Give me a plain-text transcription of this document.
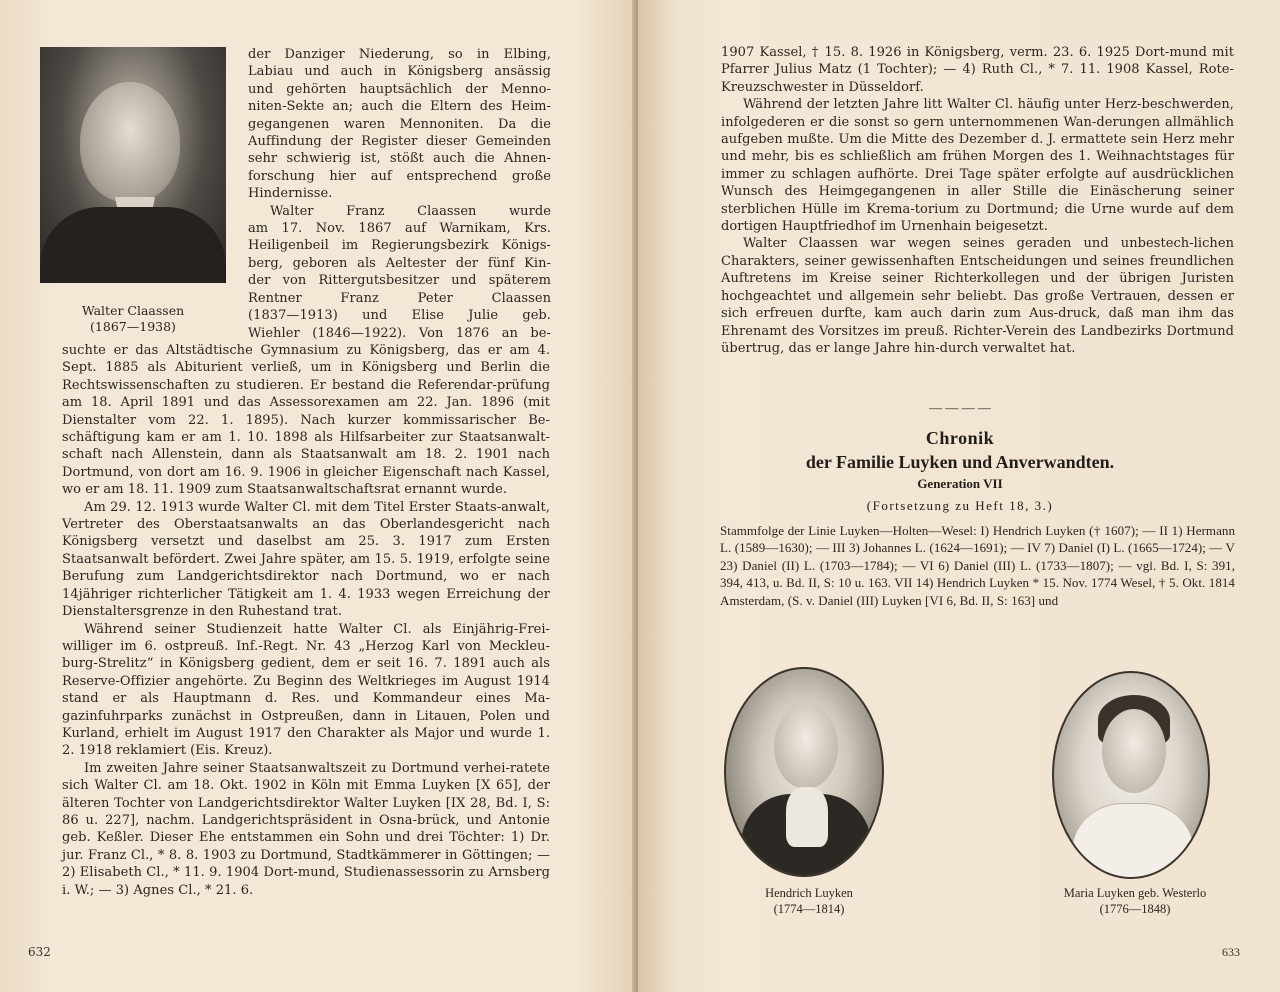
Walter Claassen
(1867—1938)
der Danziger Niederung, so in Elbing,
Labiau und auch in Königsberg ansässig
und gehörten hauptsächlich der Menno-
niten-Sekte an; auch die Eltern des Heim-
gegangenen waren Mennoniten. Da die
Auffindung der Register dieser Gemeinden
sehr schwierig ist, stößt auch die Ahnen-
forschung hier auf entsprechend große
Hindernisse.
Walter Franz Claassen wurde
am 17. Nov. 1867 auf Warnikam, Krs.
Heiligenbeil im Regierungsbezirk Königs-
berg, geboren als Aeltester der fünf Kin-
der von Rittergutsbesitzer und späterem
Rentner Franz Peter Claassen
(1837—1913) und Elise Julie geb.
Wiehler (1846—1922). Von 1876 an be-

suchte er das Altstädtische Gymnasium zu Königsberg, das er am 4. Sept. 1885 als Abiturient verließ, um in Königsberg und Berlin die Rechtswissenschaften zu studieren. Er bestand die Referendar-prüfung am 18. April 1891 und das Assessorexamen am 22. Jan. 1896 (mit Dienstalter vom 22. 1. 1895). Nach kurzer kommissarischer Be-schäftigung kam er am 1. 10. 1898 als Hilfsarbeiter zur Staatsanwalt-schaft nach Allenstein, dann als Staatsanwalt am 18. 2. 1901 nach Dortmund, von dort am 16. 9. 1906 in gleicher Eigenschaft nach Kassel, wo er am 18. 11. 1909 zum Staatsanwaltschaftsrat ernannt wurde.

Am 29. 12. 1913 wurde Walter Cl. mit dem Titel Erster Staats-anwalt, Vertreter des Oberstaatsanwalts an das Oberlandesgericht nach Königsberg versetzt und daselbst am 25. 3. 1917 zum Ersten Staatsanwalt befördert. Zwei Jahre später, am 15. 5. 1919, erfolgte seine Berufung zum Landgerichtsdirektor nach Dortmund, wo er nach 14jähriger richterlicher Tätigkeit am 1. 4. 1933 wegen Erreichung der Dienstaltersgrenze in den Ruhestand trat.

Während seiner Studienzeit hatte Walter Cl. als Einjährig-Frei-williger im 6. ostpreuß. Inf.-Regt. Nr. 43 „Herzog Karl von Meckleu-burg-Strelitz“ in Königsberg gedient, dem er seit 16. 7. 1891 auch als Reserve-Offizier angehörte. Zu Beginn des Weltkrieges im August 1914 stand er als Hauptmann d. Res. und Kommandeur eines Ma-gazinfuhrparks zunächst in Ostpreußen, dann in Litauen, Polen und Kurland, erhielt im August 1917 den Charakter als Major und wurde 1. 2. 1918 reklamiert (Eis. Kreuz).

Im zweiten Jahre seiner Staatsanwaltszeit zu Dortmund verhei-ratete sich Walter Cl. am 18. Okt. 1902 in Köln mit Emma Luyken [X 65], der älteren Tochter von Landgerichtsdirektor Walter Luyken [IX 28, Bd. I, S: 86 u. 227], nachm. Landgerichtspräsident in Osna-brück, und Antonie geb. Keßler. Dieser Ehe entstammen ein Sohn und drei Töchter: 1) Dr. jur. Franz Cl., * 8. 8. 1903 zu Dortmund, Stadtkämmerer in Göttingen; — 2) Elisabeth Cl., * 11. 9. 1904 Dort-mund, Studienassessorin zu Arnsberg i. W.; — 3) Agnes Cl., * 21. 6.

632

1907 Kassel, † 15. 8. 1926 in Königsberg, verm. 23. 6. 1925 Dort-mund mit Pfarrer Julius Matz (1 Tochter); — 4) Ruth Cl., * 7. 11. 1908 Kassel, Rote-Kreuzschwester in Düsseldorf.

Während der letzten Jahre litt Walter Cl. häufig unter Herz-beschwerden, infolgederen er die sonst so gern unternommenen Wan-derungen allmählich aufgeben mußte. Um die Mitte des Dezember d. J. ermattete sein Herz mehr und mehr, bis es schließlich am frühen Morgen des 1. Weihnachtstages für immer zu schlagen aufhörte. Drei Tage später erfolgte auf ausdrücklichen Wunsch des Heimgegangenen in aller Stille die Einäscherung seiner sterblichen Hülle im Krema-torium zu Dortmund; die Urne wurde auf dem dortigen Hauptfriedhof im Urnenhain beigesetzt.

Walter Claassen war wegen seines geraden und unbestech-lichen Charakters, seiner gewissenhaften Entscheidungen und seines freundlichen Auftretens im Kreise seiner Richterkollegen und der übrigen Juristen hochgeachtet und allgemein sehr beliebt. Das große Vertrauen, dessen er sich erfreuen durfte, kam auch darin zum Aus-druck, daß man ihm das Ehrenamt des Vorsitzes im preuß. Richter-Verein des Landbezirks Dortmund übertrug, das er lange Jahre hin-durch verwaltet hat.

— — — —
Chronik
der Familie Luyken und Anverwandten.
Generation VII
(Fortsetzung zu Heft 18, 3.)

Stammfolge der Linie Luyken—Holten—Wesel: I) Hendrich Luyken († 1607); — II 1) Hermann L. (1589—1630); — III 3) Johannes L. (1624—1691); — IV 7) Daniel (I) L. (1665—1724); — V 23) Daniel (II) L. (1703—1784); — VI 6) Daniel (III) L. (1733—1807); — vgl. Bd. I, S: 391, 394, 413, u. Bd. II, S: 10 u. 163. VII 14) Hendrich Luyken * 15. Nov. 1774 Wesel, † 5. Okt. 1814 Amsterdam, (S. v. Daniel (III) Luyken [VI 6, Bd. II, S: 163] und

Hendrich Luyken
(1774—1814)
Maria Luyken geb. Westerlo
(1776—1848)
633
